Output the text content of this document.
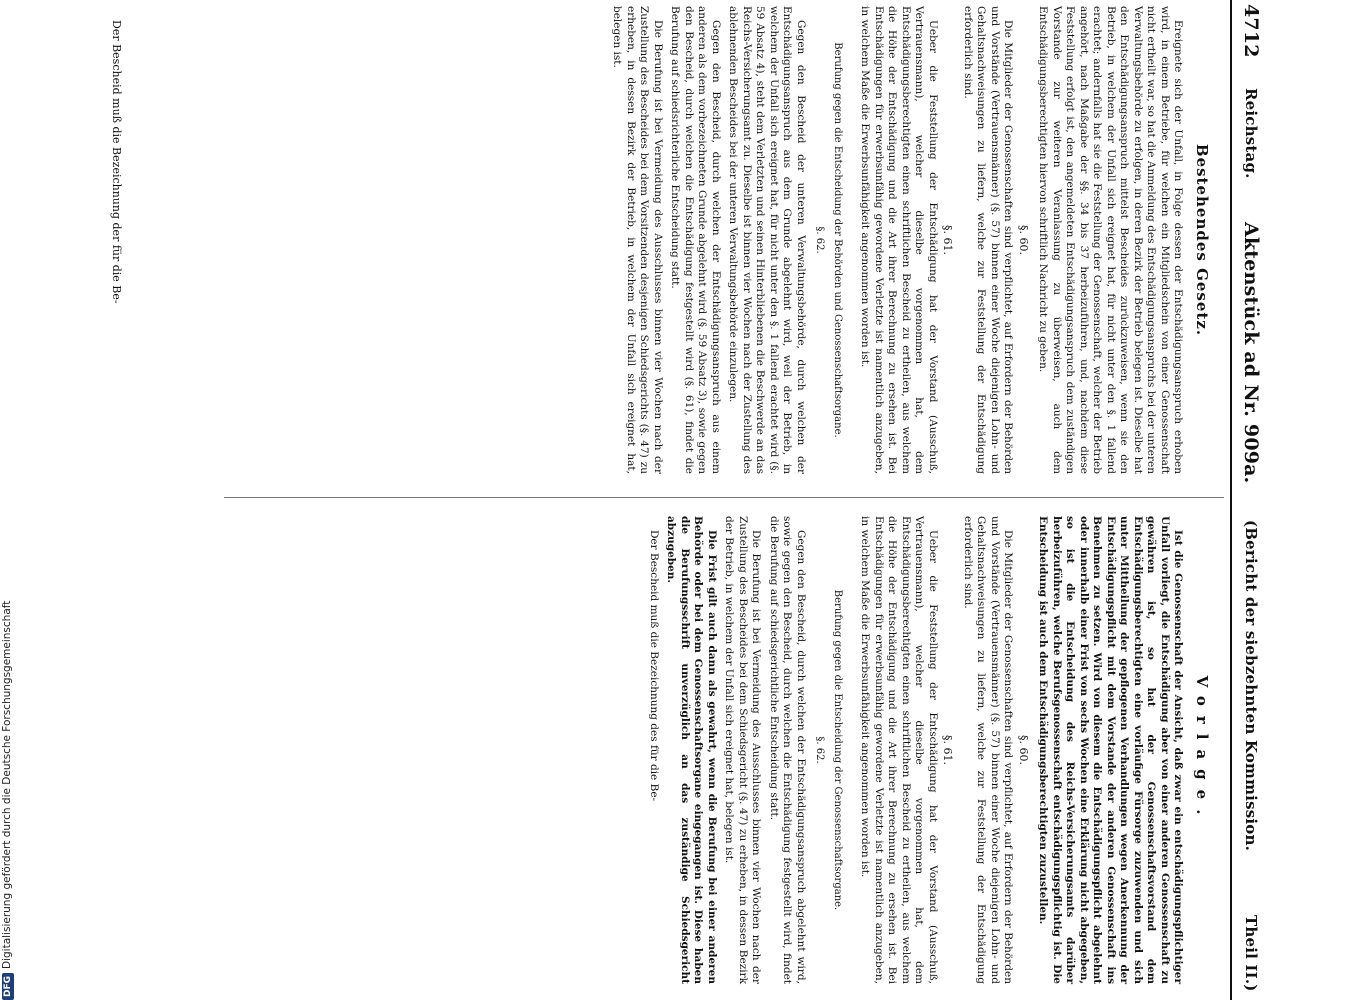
4712
Reichstag.
Aktenstück ad Nr. 909a.
(Bericht der siebzehnten Kommission.
Theil II.)
Bestehendes Gesetz.

Ereignete sich der Unfall, in Folge dessen der Entschädigungsanspruch erhoben wird, in einem Betriebe, für welchen ein Mitgliedschein von einer Genossenschaft nicht ertheilt war, so hat die Anmeldung des Entschädigungsanspruchs bei der unteren Verwaltungsbehörde zu erfolgen, in deren Bezirk der Betrieb belegen ist. Dieselbe hat den Entschädigungsanspruch mittelst Bescheides zurückzuweisen, wenn sie den Betrieb, in welchem der Unfall sich ereignet hat, für nicht unter den §. 1 fallend erachtet; andernfalls hat sie die Feststellung der Genossenschaft, welcher der Betrieb angehört, nach Maßgabe der §§. 34 bis 37 herbeizuführen, und, nachdem diese Feststellung erfolgt ist, den angemeldeten Entschädigungsanspruch dem zuständigen Vorstande zur weiteren Veranlassung zu überweisen, auch dem Entschädigungsberechtigten hiervon schriftlich Nachricht zu geben.

§. 60.

Die Mitglieder der Genossenschaften sind verpflichtet, auf Erfordern der Behörden und Vorstände (Vertrauensmänner) (§. 57) binnen einer Woche diejenigen Lohn- und Gehaltsnachweisungen zu liefern, welche zur Feststellung der Entschädigung erforderlich sind.

§. 61.

Ueber die Feststellung der Entschädigung hat der Vorstand (Ausschuß, Vertrauensmann), welcher dieselbe vorgenommen hat, dem Entschädigungsberechtigten einen schriftlichen Bescheid zu ertheilen, aus welchem die Höhe der Entschädigung und die Art ihrer Berechnung zu ersehen ist. Bei Entschädigungen für erwerbsunfähig gewordene Verletzte ist namentlich anzugeben, in welchem Maße die Erwerbsunfähigkeit angenommen worden ist.

Berufung gegen die Entscheidung der Behörden und Genossenschaftsorgane.
§. 62.

Gegen den Bescheid der unteren Verwaltungsbehörde, durch welchen der Entschädigungsanspruch aus dem Grunde abgelehnt wird, weil der Betrieb, in welchem der Unfall sich ereignet hat, für nicht unter den §. 1 fallend erachtet wird (§. 59 Absatz 4), steht dem Verletzten und seinen Hinterbliebenen die Beschwerde an das Reichs-Versicherungsamt zu. Dieselbe ist binnen vier Wochen nach der Zustellung des ablehnenden Bescheides bei der unteren Verwaltungsbehörde einzulegen.

Gegen den Bescheid, durch welchen der Entschädigungsanspruch aus einem anderen als dem vorbezeichneten Grunde abgelehnt wird (§. 59 Absatz 3), sowie gegen den Bescheid, durch welchen die Entschädigung festgestellt wird (§. 61), findet die Berufung auf schiedsrichterliche Entscheidung statt.

Die Berufung ist bei Vermeidung des Ausschlusses binnen vier Wochen nach der Zustellung des Bescheides bei dem Vorsitzenden desjenigen Schiedsgerichts (§. 47) zu erheben, in dessen Bezirk der Betrieb, in welchem der Unfall sich ereignet hat, belegen ist.

Der Bescheid muß die Bezeichnung der für die Be-

Vorlage.

Ist die Genossenschaft der Ansicht, daß zwar ein entschädigungspflichtiger Unfall vorliegt, die Entschädigung aber von einer anderen Genossenschaft zu gewähren ist, so hat der Genossenschaftsvorstand dem Entschädigungsberechtigten eine vorläufige Fürsorge zuzuwenden und sich unter Mittheilung der gepflogenen Verhandlungen wegen Anerkennung der Entschädigungspflicht mit dem Vorstande der anderen Genossenschaft ins Benehmen zu setzen. Wird von diesem die Entschädigungspflicht abgelehnt oder innerhalb einer Frist von sechs Wochen eine Erklärung nicht abgegeben, so ist die Entscheidung des Reichs-Versicherungsamts darüber herbeizuführen, welche Berufsgenossenschaft entschädigungspflichtig ist. Die Entscheidung ist auch dem Entschädigungsberechtigten zuzustellen.

§. 60.

Die Mitglieder der Genossenschaften sind verpflichtet, auf Erfordern der Behörden und Vorstände (Vertrauensmänner) (§. 57) binnen einer Woche diejenigen Lohn- und Gehaltsnachweisungen zu liefern, welche zur Feststellung der Entschädigung erforderlich sind.

§. 61.

Ueber die Feststellung der Entschädigung hat der Vorstand (Ausschuß, Vertrauensmann), welcher dieselbe vorgenommen hat, dem Entschädigungsberechtigten einen schriftlichen Bescheid zu ertheilen, aus welchem die Höhe der Entschädigung und die Art ihrer Berechnung zu ersehen ist. Bei Entschädigungen für erwerbsunfähig gewordene Verletzte ist namentlich anzugeben, in welchem Maße die Erwerbsunfähigkeit angenommen worden ist.

Berufung gegen die Entscheidung der Genossenschaftsorgane.
§. 62.

Gegen den Bescheid, durch welchen der Entschädigungsanspruch abgelehnt wird, sowie gegen den Bescheid, durch welchen die Entschädigung festgestellt wird, findet die Berufung auf schiedsgerichtliche Entscheidung statt.

Die Berufung ist bei Vermeidung des Ausschlusses binnen vier Wochen nach der Zustellung des Bescheides bei dem Schiedsgericht (§. 47) zu erheben, in dessen Bezirk der Betrieb, in welchem der Unfall sich ereignet hat, belegen ist.

Die Frist gilt auch dann als gewahrt, wenn die Berufung bei einer anderen Behörde oder bei dem Genossenschaftsorgane eingegangen ist. Diese haben die Berufungsschrift unverzüglich an das zuständige Schiedsgericht abzugeben.

Der Bescheid muß die Bezeichnung des für die Be-

DFGDigitalisierung gefördert durch die Deutsche Forschungsgemeinschaft
